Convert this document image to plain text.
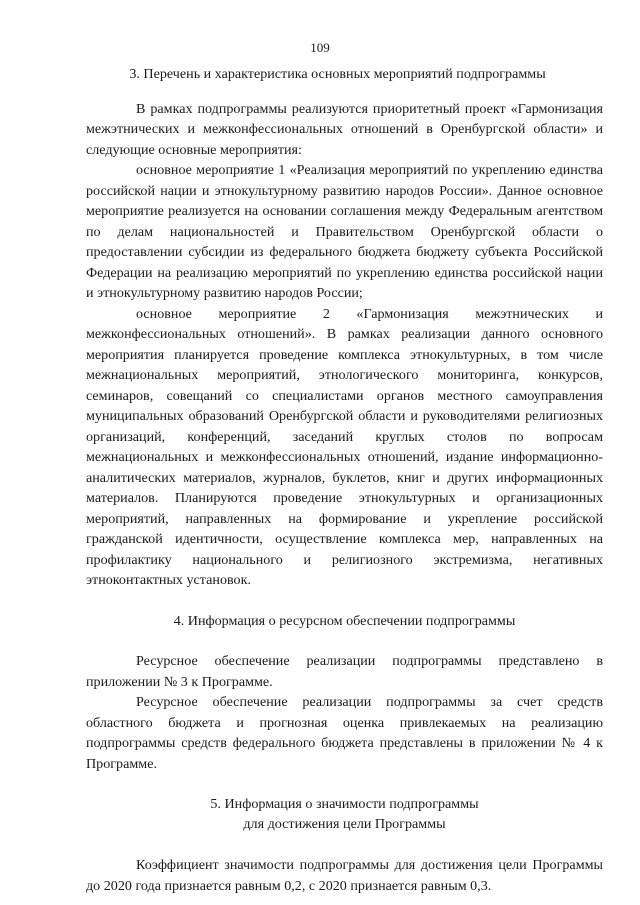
109

3. Перечень и характеристика основных мероприятий подпрограммы

В рамках подпрограммы реализуются приоритетный проект «Гармонизация межэтнических и межконфессиональных отношений в Оренбургской области» и следующие основные мероприятия:

основное мероприятие 1 «Реализация мероприятий по укреплению единства российской нации и этнокультурному развитию народов России». Данное основное мероприятие реализуется на основании соглашения между Федеральным агентством по делам национальностей и Правительством Оренбургской области о предоставлении субсидии из федерального бюджета бюджету субъекта Российской Федерации на реализацию мероприятий по укреплению единства российской нации и этнокультурному развитию народов России;

основное мероприятие 2 «Гармонизация межэтнических и межконфессиональных отношений». В рамках реализации данного основного мероприятия планируется проведение комплекса этнокультурных, в том числе межнациональных мероприятий, этнологического мониторинга, конкурсов, семинаров, совещаний со специалистами органов местного самоуправления муниципальных образований Оренбургской области и руководителями религиозных организаций, конференций, заседаний круглых столов по вопросам межнациональных и межконфессиональных отношений, издание информационно-аналитических материалов, журналов, буклетов, книг и других информационных материалов. Планируются проведение этнокультурных и организационных мероприятий, направленных на формирование и укрепление российской гражданской идентичности, осуществление комплекса мер, направленных на профилактику национального и религиозного экстремизма, негативных этноконтактных установок.

4. Информация о ресурсном обеспечении подпрограммы

Ресурсное обеспечение реализации подпрограммы представлено в приложении № 3 к Программе.

Ресурсное обеспечение реализации подпрограммы за счет средств областного бюджета и прогнозная оценка привлекаемых на реализацию подпрограммы средств федерального бюджета представлены в приложении № 4 к Программе.

5. Информация о значимости подпрограммы
для достижения цели Программы

Коэффициент значимости подпрограммы для достижения цели Программы до 2020 года признается равным 0,2, с 2020 признается равным 0,3.
